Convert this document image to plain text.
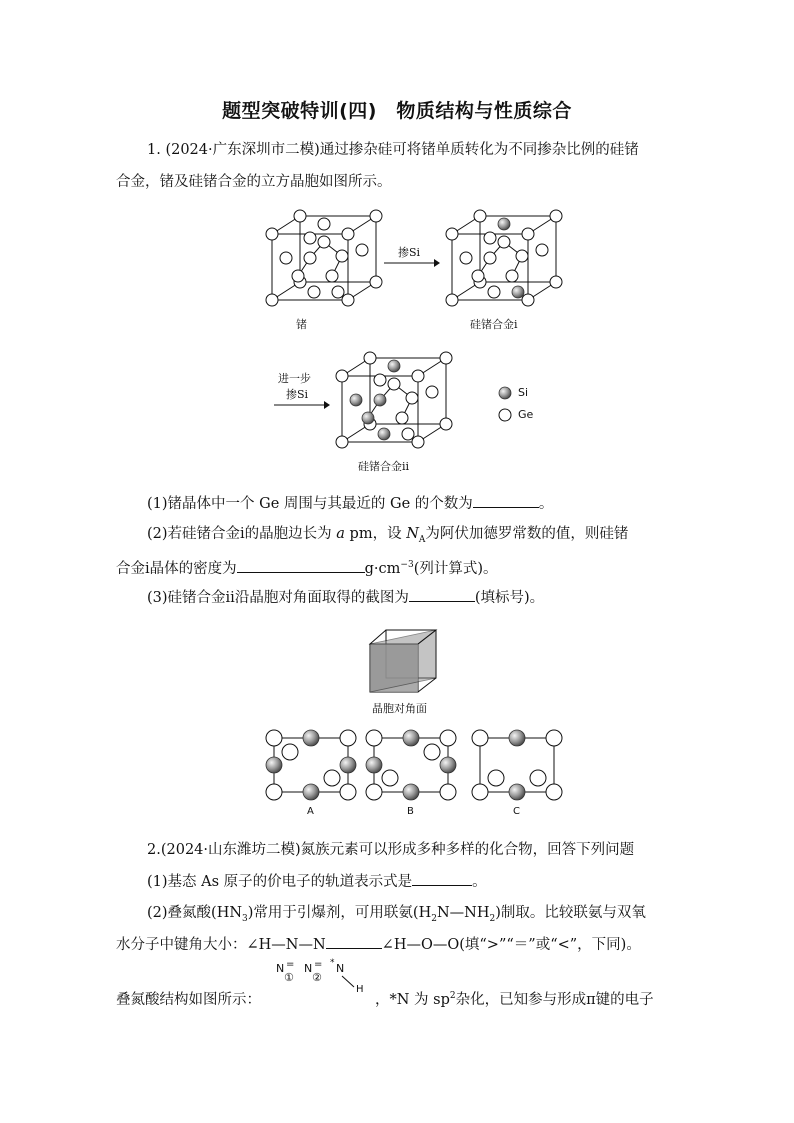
题型突破特训(四)　物质结构与性质综合
1. (2024·广东深圳市二模)通过掺杂硅可将锗单质转化为不同掺杂比例的硅锗
合金，锗及硅锗合金的立方晶胞如图所示。
锗
掺Si
硅锗合金ⅰ
进一步
掺Si
硅锗合金ⅱ
Si
Ge
(1)锗晶体中一个 Ge 周围与其最近的 Ge 的个数为	。
(2)若硅锗合金ⅰ的晶胞边长为 a pm，设 $N_A$为阿伏加德罗常数的值，则硅锗
合金ⅰ晶体的密度为	$g\cdot cm^{-3}$(列计算式)。
(3)硅锗合金ⅱ沿晶胞对角面取得的截图为	(填标号)。
晶胞对角面
A	B	C
2.(2024·山东潍坊二模)氮族元素可以形成多种多样的化合物，回答下列问题
(1)基态 As 原子的价电子的轨道表示式是	。
(2)叠氮酸$(HN_3)$常用于引爆剂，可用联氨$(H_2N—NH_2)$制取。比较联氨与双氧
水分子中键角大小：∠H—N—N	∠H—O—O(填“>”“＝”或“<”，下同)。
N =
①
N =
②
* N
H
叠氮酸结构如图所示：	，*N 为 $sp^2$杂化，已知参与形成π键的电子
